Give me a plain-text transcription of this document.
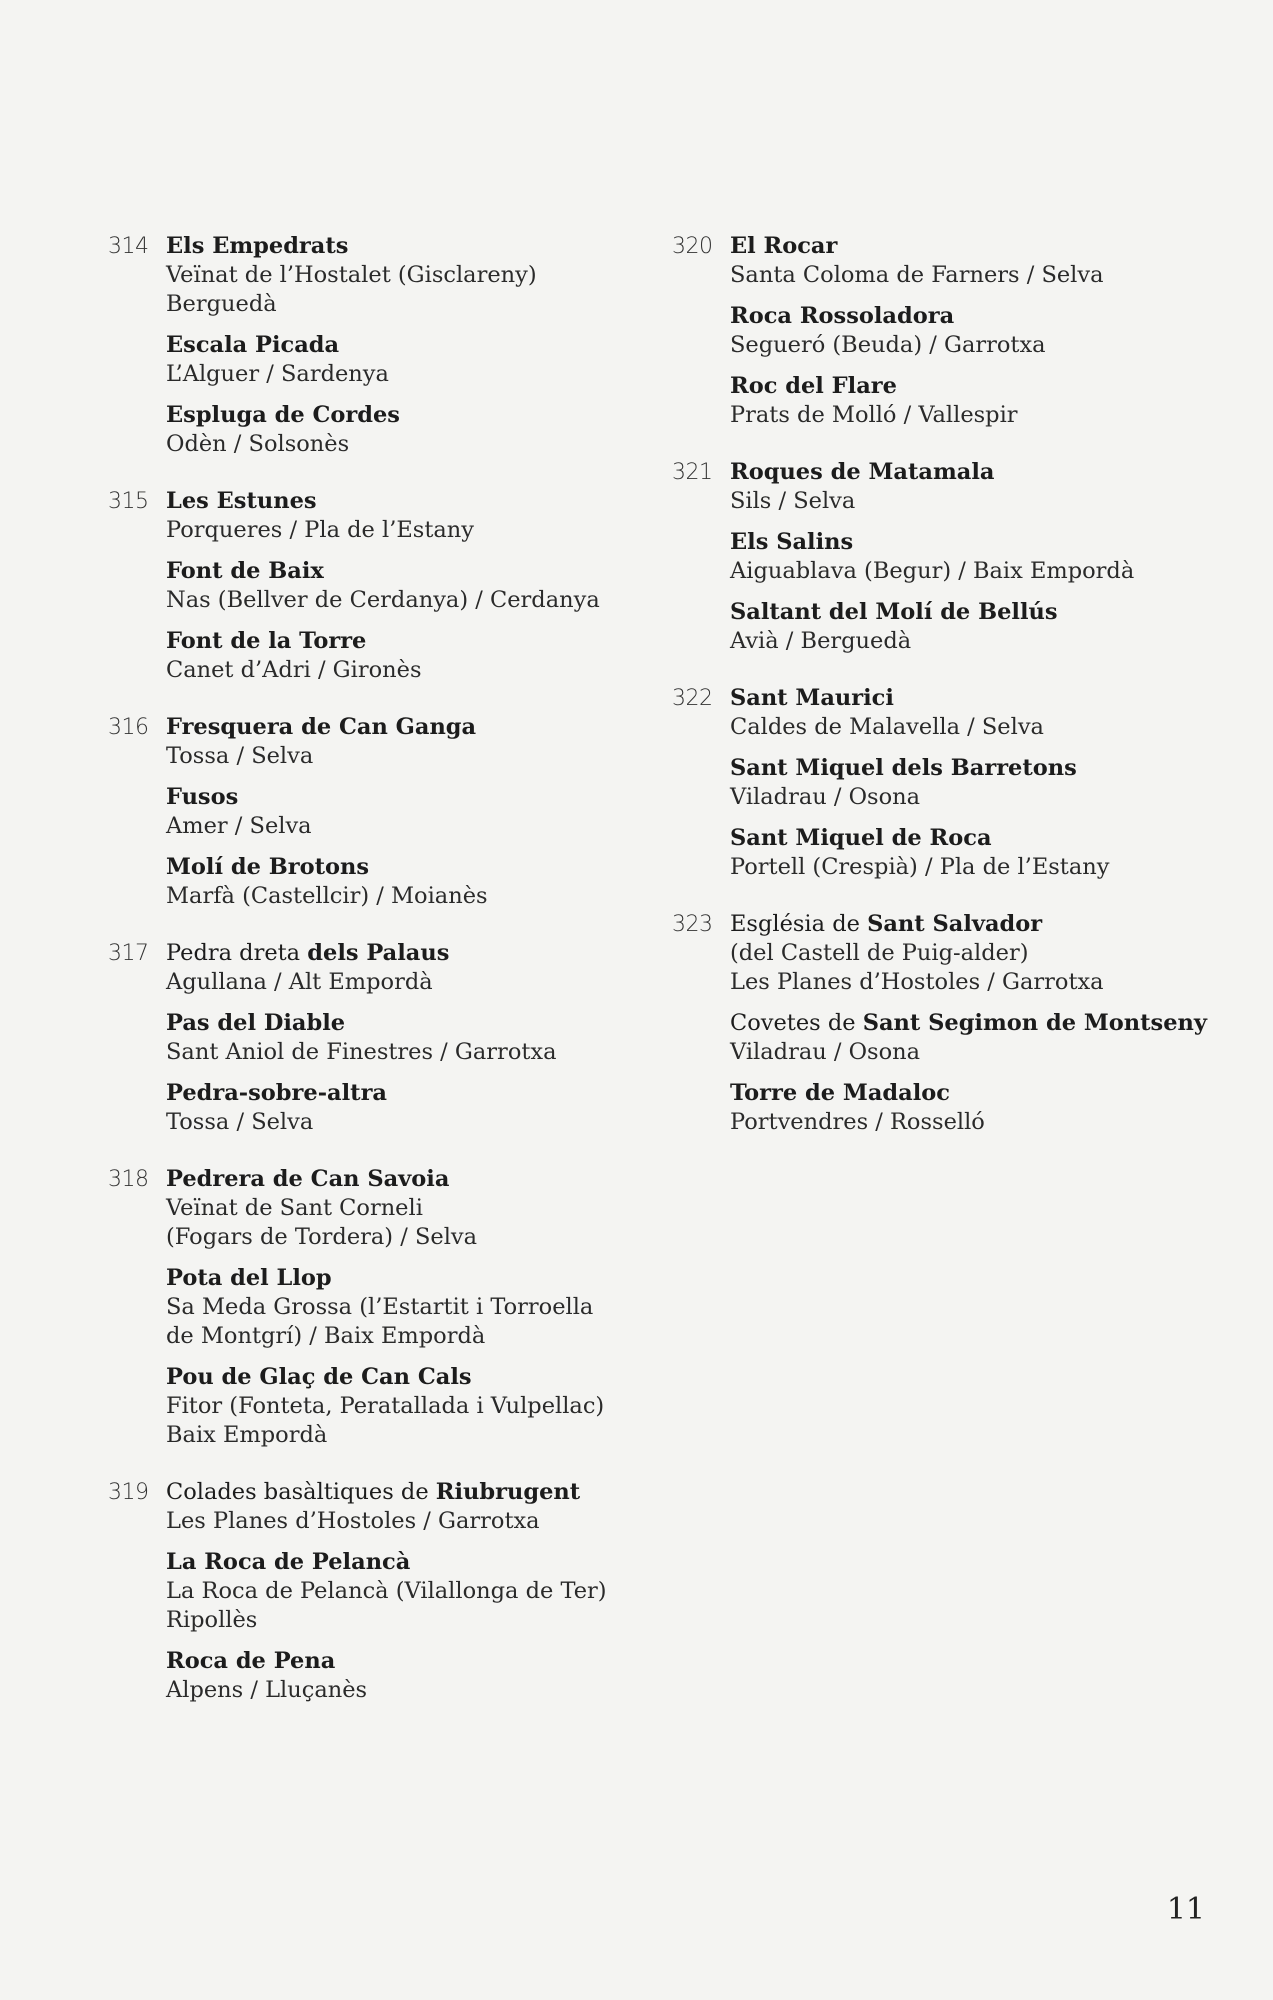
314 Els Empedrats
Veïnat de l’Hostalet (Gisclareny)
Berguedà
Escala Picada
L’Alguer / Sardenya
Espluga de Cordes
Odèn / Solsonès
315 Les Estunes
Porqueres / Pla de l’Estany
Font de Baix
Nas (Bellver de Cerdanya) / Cerdanya
Font de la Torre
Canet d’Adri / Gironès
316 Fresquera de Can Ganga
Tossa / Selva
Fusos
Amer / Selva
Molí de Brotons
Marfà (Castellcir) / Moianès
317 Pedra dreta dels Palaus
Agullana / Alt Empordà
Pas del Diable
Sant Aniol de Finestres / Garrotxa
Pedra-sobre-altra
Tossa / Selva
318 Pedrera de Can Savoia
Veïnat de Sant Corneli
(Fogars de Tordera) / Selva
Pota del Llop
Sa Meda Grossa (l’Estartit i Torroella
de Montgrí) / Baix Empordà
Pou de Glaç de Can Cals
Fitor (Fonteta, Peratallada i Vulpellac)
Baix Empordà
319 Colades basàltiques de Riubrugent
Les Planes d’Hostoles / Garrotxa
La Roca de Pelancà
La Roca de Pelancà (Vilallonga de Ter)
Ripollès
Roca de Pena
Alpens / Lluçanès
320 El Rocar
Santa Coloma de Farners / Selva
Roca Rossoladora
Segueró (Beuda) / Garrotxa
Roc del Flare
Prats de Molló / Vallespir
321 Roques de Matamala
Sils / Selva
Els Salins
Aiguablava (Begur) / Baix Empordà
Saltant del Molí de Bellús
Avià / Berguedà
322 Sant Maurici
Caldes de Malavella / Selva
Sant Miquel dels Barretons
Viladrau / Osona
Sant Miquel de Roca
Portell (Crespià) / Pla de l’Estany
323 Església de Sant Salvador
(del Castell de Puig-alder)
Les Planes d’Hostoles / Garrotxa
Covetes de Sant Segimon de Montseny
Viladrau / Osona
Torre de Madaloc
Portvendres / Rosselló
11
